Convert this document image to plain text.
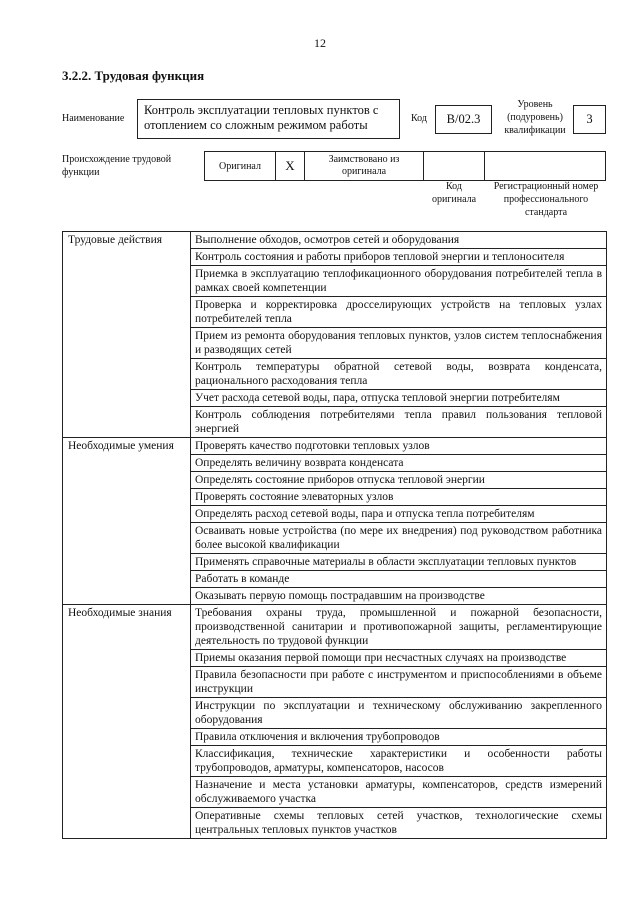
12
3.2.2. Трудовая функция
Наименование
Контроль эксплуатации тепловых пунктов с отоплением со сложным режимом работы	Код	B/02.3
Уровень
(подуровень)
квалификации
3
Происхождение трудовой
функции
Оригинал	X	Заимствовано из
оригинала

Код
оригинала
Регистрационный номер
профессионального
стандарта
Трудовые действия	Выполнение обходов, осмотров сетей и оборудования
	Контроль состояния и работы приборов тепловой энергии и теплоносителя
	Приемка в эксплуатацию теплофикационного оборудования потребителей тепла в рамках своей компетенции
	Проверка и корректировка дросселирующих устройств на тепловых узлах потребителей тепла
	Прием из ремонта оборудования тепловых пунктов, узлов систем теплоснабжения и разводящих сетей
	Контроль температуры обратной сетевой воды, возврата конденсата, рационального расходования тепла
	Учет расхода сетевой воды, пара, отпуска тепловой энергии потребителям
	Контроль соблюдения потребителями тепла правил пользования тепловой энергией
Необходимые умения	Проверять качество подготовки тепловых узлов
	Определять величину возврата конденсата
	Определять состояние приборов отпуска тепловой энергии
	Проверять состояние элеваторных узлов
	Определять расход сетевой воды, пара и отпуска тепла потребителям
	Осваивать новые устройства (по мере их внедрения) под руководством работника более высокой квалификации
	Применять справочные материалы в области эксплуатации тепловых пунктов
	Работать в команде
	Оказывать первую помощь пострадавшим на производстве
Необходимые знания	Требования охраны труда, промышленной и пожарной безопасности, производственной санитарии и противопожарной защиты, регламентирующие деятельность по трудовой функции
	Приемы оказания первой помощи при несчастных случаях на производстве
	Правила безопасности при работе с инструментом и приспособлениями в объеме инструкции
	Инструкции по эксплуатации и техническому обслуживанию закрепленного оборудования
	Правила отключения и включения трубопроводов
	Классификация, технические характеристики и особенности работы трубопроводов, арматуры, компенсаторов, насосов
	Назначение и места установки арматуры, компенсаторов, средств измерений обслуживаемого участка
	Оперативные схемы тепловых сетей участков, технологические схемы центральных тепловых пунктов участков
